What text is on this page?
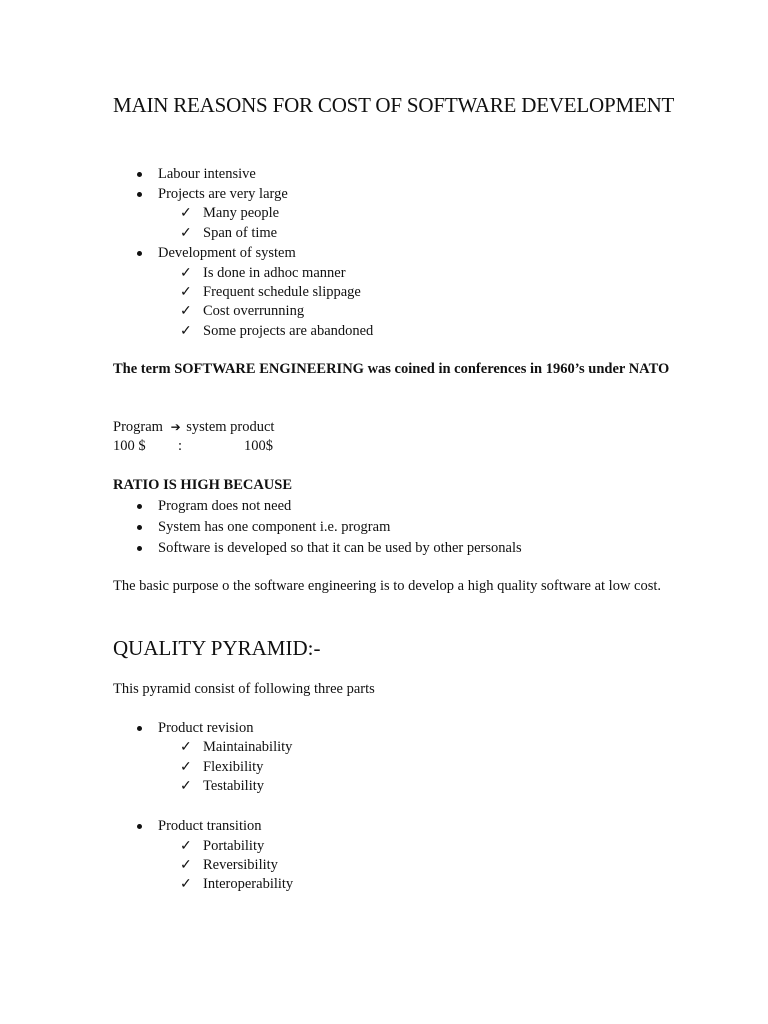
MAIN REASONS FOR COST OF SOFTWARE DEVELOPMENT
Labour intensive
Projects are very large
✓ Many people
✓ Span of time
Development of system
✓ Is done in adhoc manner
✓ Frequent schedule slippage
✓ Cost overrunning
✓ Some projects are abandoned
The term SOFTWARE ENGINEERING was coined in conferences in 1960’s under NATO
Program ➔ system product
100 $ :	100$
RATIO IS HIGH BECAUSE
Program does not need
System has one component i.e. program
Software is developed so that it can be used by other personals
The basic purpose o the software engineering is to develop a high quality software at low cost.
QUALITY PYRAMID:-
This pyramid consist of following three parts
Product revision
✓ Maintainability
✓ Flexibility
✓ Testability
Product transition
✓ Portability
✓ Reversibility
✓ Interoperability
